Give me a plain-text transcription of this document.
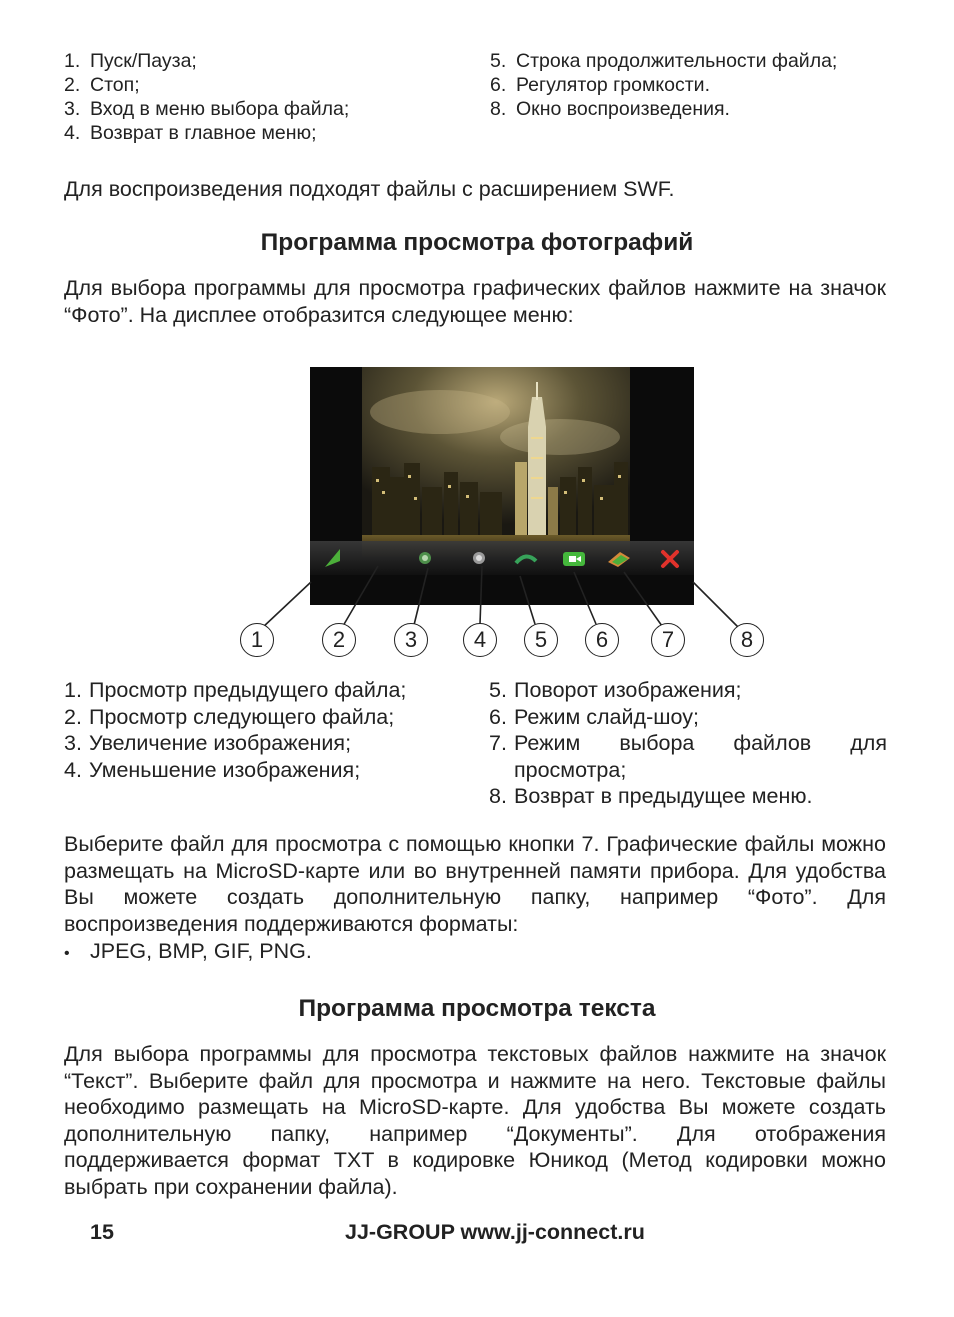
1. Пуск/Пауза;
2. Стоп;
3. Вход в меню выбора файла;
4. Возврат в главное меню;
5. Строка продолжительности файла;
6. Регулятор громкости.
8. Окно воспроизведения.

Для воспроизведения подходят файлы с расширением SWF.

Программа просмотра фотографий

Для выбора программы для просмотра графических файлов нажмите на значок “Фото”. На дисплее отобразится следующее меню:

1	2	3	4	5	6	7	8
1. Просмотр предыдущего файла;
2. Просмотр следующего файла;
3. Увеличение изображения;
4. Уменьшение изображения;
5. Поворот изображения;
6. Режим слайд-шоу;
7. Режим выбора файлов для просмотра;
8. Возврат в предыдущее меню.

Выберите файл для просмотра с помощью кнопки 7. Графические файлы можно размещать на MicroSD-карте или во внутренней памяти прибора. Для удобства Вы можете создать дополнительную папку, например “Фото”. Для воспроизведения поддерживаются форматы:

• JPEG, BMP, GIF, PNG.
Программа просмотра текста

Для выбора программы для просмотра текстовых файлов нажмите на значок “Текст”. Выберите файл для просмотра и нажмите на него. Текстовые файлы необходимо размещать на MicroSD-карте. Для удобства Вы можете создать дополнительную папку, например “Документы”. Для отображения поддерживается формат TXT в кодировке Юникод (Метод кодировки можно выбрать при сохранении файла).

15	JJ-GROUP www.jj-connect.ru
